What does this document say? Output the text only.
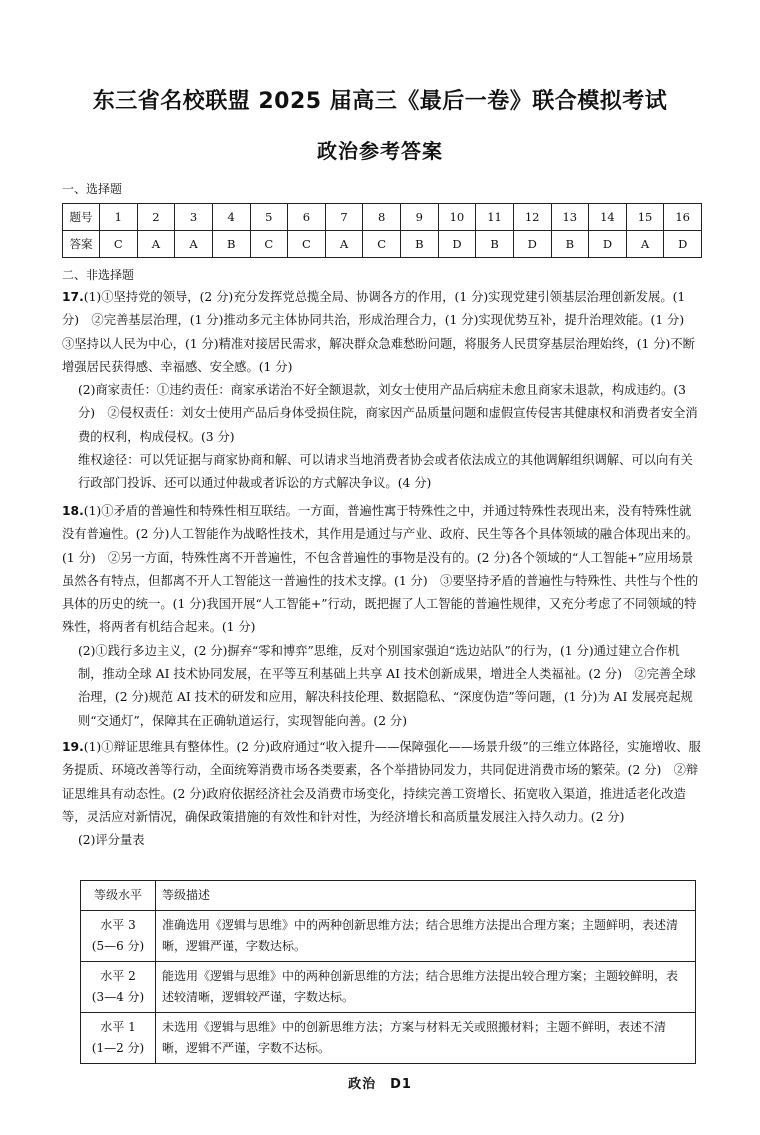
东三省名校联盟 2025 届高三《最后一卷》联合模拟考试
政治参考答案
一、选择题
题号	1	2	3	4	5	6	7	8	9	10	11	12	13	14	15	16
答案	C	A	A	B	C	C	A	C	B	D	B	D	B	D	A	D
二、非选择题

17.(1)①坚持党的领导，(2 分)充分发挥党总揽全局、协调各方的作用，(1 分)实现党建引领基层治理创新发展。(1 分)　②完善基层治理，(1 分)推动多元主体协同共治，形成治理合力，(1 分)实现优势互补，提升治理效能。(1 分)　③坚持以人民为中心，(1 分)精准对接居民需求，解决群众急难愁盼问题，将服务人民贯穿基层治理始终，(1 分)不断增强居民获得感、幸福感、安全感。(1 分)

(2)商家责任：①违约责任：商家承诺治不好全额退款，刘女士使用产品后病症未愈且商家未退款，构成违约。(3 分)　②侵权责任：刘女士使用产品后身体受损住院，商家因产品质量问题和虚假宣传侵害其健康权和消费者安全消费的权利，构成侵权。(3 分)

维权途径：可以凭证据与商家协商和解、可以请求当地消费者协会或者依法成立的其他调解组织调解、可以向有关行政部门投诉、还可以通过仲裁或者诉讼的方式解决争议。(4 分)

18.(1)①矛盾的普遍性和特殊性相互联结。一方面，普遍性寓于特殊性之中，并通过特殊性表现出来，没有特殊性就没有普遍性。(2 分)人工智能作为战略性技术，其作用是通过与产业、政府、民生等各个具体领域的融合体现出来的。(1 分)　②另一方面，特殊性离不开普遍性，不包含普遍性的事物是没有的。(2 分)各个领域的“人工智能+”应用场景虽然各有特点，但都离不开人工智能这一普遍性的技术支撑。(1 分)　③要坚持矛盾的普遍性与特殊性、共性与个性的具体的历史的统一。(1 分)我国开展“人工智能+”行动，既把握了人工智能的普遍性规律，又充分考虑了不同领域的特殊性，将两者有机结合起来。(1 分)

(2)①践行多边主义，(2 分)摒弃“零和博弈”思维，反对个别国家强迫“选边站队”的行为，(1 分)通过建立合作机制，推动全球 AI 技术协同发展，在平等互利基础上共享 AI 技术创新成果，增进全人类福祉。(2 分)　②完善全球治理，(2 分)规范 AI 技术的研发和应用，解决科技伦理、数据隐私、“深度伪造”等问题，(1 分)为 AI 发展亮起规则“交通灯”，保障其在正确轨道运行，实现智能向善。(2 分)

19.(1)①辩证思维具有整体性。(2 分)政府通过“收入提升——保障强化——场景升级”的三维立体路径，实施增收、服务提质、环境改善等行动，全面统筹消费市场各类要素，各个举措协同发力，共同促进消费市场的繁荣。(2 分)　②辩证思维具有动态性。(2 分)政府依据经济社会及消费市场变化，持续完善工资增长、拓宽收入渠道，推进适老化改造等，灵活应对新情况，确保政策措施的有效性和针对性，为经济增长和高质量发展注入持久动力。(2 分)

(2)评分量表

等级水平	等级描述
水平 3
(5—6 分)	准确选用《逻辑与思维》中的两种创新思维方法；结合思维方法提出合理方案；主题鲜明，表述清晰，逻辑严谨，字数达标。
水平 2
(3—4 分)	能选用《逻辑与思维》中的两种创新思维的方法；结合思维方法提出较合理方案；主题较鲜明，表述较清晰，逻辑较严谨，字数达标。
水平 1
(1—2 分)	未选用《逻辑与思维》中的创新思维方法；方案与材料无关或照搬材料；主题不鲜明，表述不清晰，逻辑不严谨，字数不达标。
政治　D1
